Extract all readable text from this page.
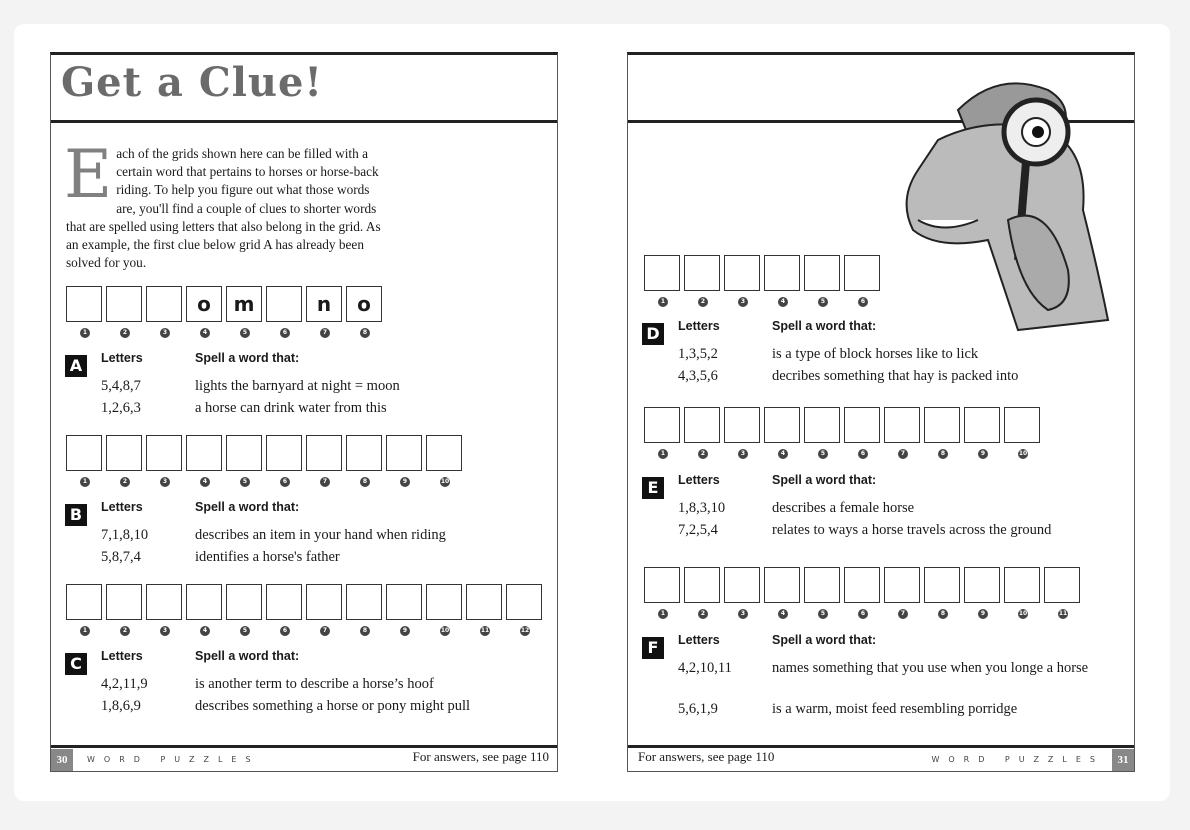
Get a Clue!
Each of the grids shown here can be filled with a certain word that pertains to horses or horse-back riding. To help you figure out what those words are, you'll find a couple of clues to shorter words that are spelled using letters that also belong in the grid. As an example, the first clue below grid A has already been solved for you.
30	WORD PUZZLES	For answers, see page 110
1	2	3
o
4
m
5	6
n
7
o
8
A	Letters	Spell a word that:
5,4,8,7	lights the barnyard at night = moon
1,2,6,3	a horse can drink water from this
1	2	3	4	5	6	7	8	9	10
B	Letters	Spell a word that:
7,1,8,10	describes an item in your hand when riding
5,8,7,4	identifies a horse's father
1	2	3	4	5	6	7	8	9	10	11	12
C	Letters	Spell a word that:
4,2,11,9	is another term to describe a horse’s hoof
1,8,6,9	describes something a horse or pony might pull
For answers, see page 110	WORD PUZZLES	31
1	2	3	4	5	6
D	Letters	Spell a word that:
1,3,5,2	is a type of block horses like to lick
4,3,5,6	decribes something that hay is packed into
1	2	3	4	5	6	7	8	9	10
E	Letters	Spell a word that:
1,8,3,10	describes a female horse
7,2,5,4	relates to ways a horse travels across the ground
1	2	3	4	5	6	7	8	9	10	11
F	Letters	Spell a word that:
4,2,10,11	names something that you use when you longe a horse
5,6,1,9	is a warm, moist feed resembling porridge
